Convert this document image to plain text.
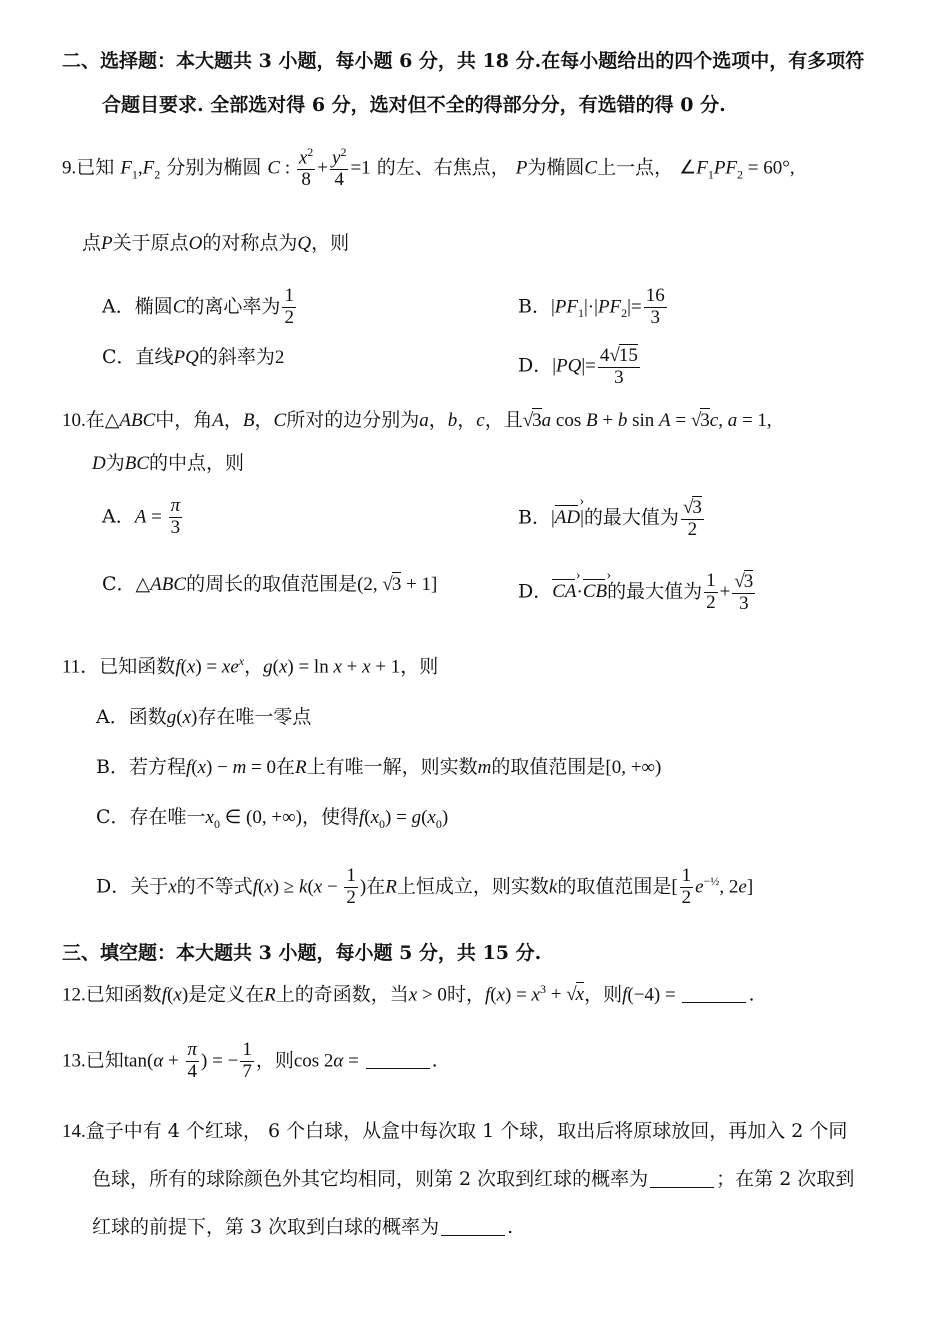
二、选择题：本大题共 3 小题，每小题 6 分，共 18 分.在每小题给出的四个选项中，有多项符
合题目要求. 全部选对得 6 分，选对但不全的得部分分，有选错的得 0 分.
9.已知 $F_1,F_2$ 分别为椭圆 C : $\frac{x^2}{8} + \frac{y^2}{4} =1$ 的左、右焦点， P为椭圆C上一点， $\angle F_1PF_2 = 60^\circ$,
点P关于原点O的对称点为Q，则
A．椭圆C的离心率为 $\frac{1}{2}$	B．$|PF_1|\cdot|PF_2|= \frac{16}{3}$
C．直线PQ的斜率为2	D．$|PQ|= \frac{4√15}{3}$
10.在△ABC中，角A，B，C所对的边分别为a，b，c，且√3a cos B + b sin A = √3c, a = 1,
D为BC的中点，则
A．$A = \frac{\pi}{3}$	B．|AD ›|的最大值为 $\frac{√3}{2}$
C．△ABC的周长的取值范围是(2, √3 + 1]	D．CA ›·CB ›的最大值为 $\frac{1}{2} + \frac{√3}{3}$
11．已知函数$f(x) = xe^x$，g(x) = ln x + x + 1，则
A．函数g(x)存在唯一零点
B．若方程f(x) − m = 0在R上有唯一解，则实数m的取值范围是[0, +∞)
C．存在唯一$x_0$ ∈ (0, +∞)，使得$f(x_0) = g(x_0)$
D．关于x的不等式$f(x) \ge k(x - \frac{1}{2}$ )在R上恒成立，则实数k的取值范围是[ $\frac{1}{2} e^{-\frac{1}{2}}$, 2e]
三、填空题：本大题共 3 小题，每小题 5 分，共 15 分.
12.已知函数f(x)是定义在R上的奇函数，当x > 0时，$f(x) = x^3 + √x$，则f(−4) =	.
13.已知$\tan(\alpha + \frac{\pi}{4}$ ) = − $\frac{1}{7}$ ，则cos 2α =	.
14.盒子中有 4 个红球， 6 个白球，从盒中每次取 1 个球，取出后将原球放回，再加入 2 个同
色球，所有的球除颜色外其它均相同，则第 2 次取到红球的概率为	；在第 2 次取到
红球的前提下，第 3 次取到白球的概率为	.
